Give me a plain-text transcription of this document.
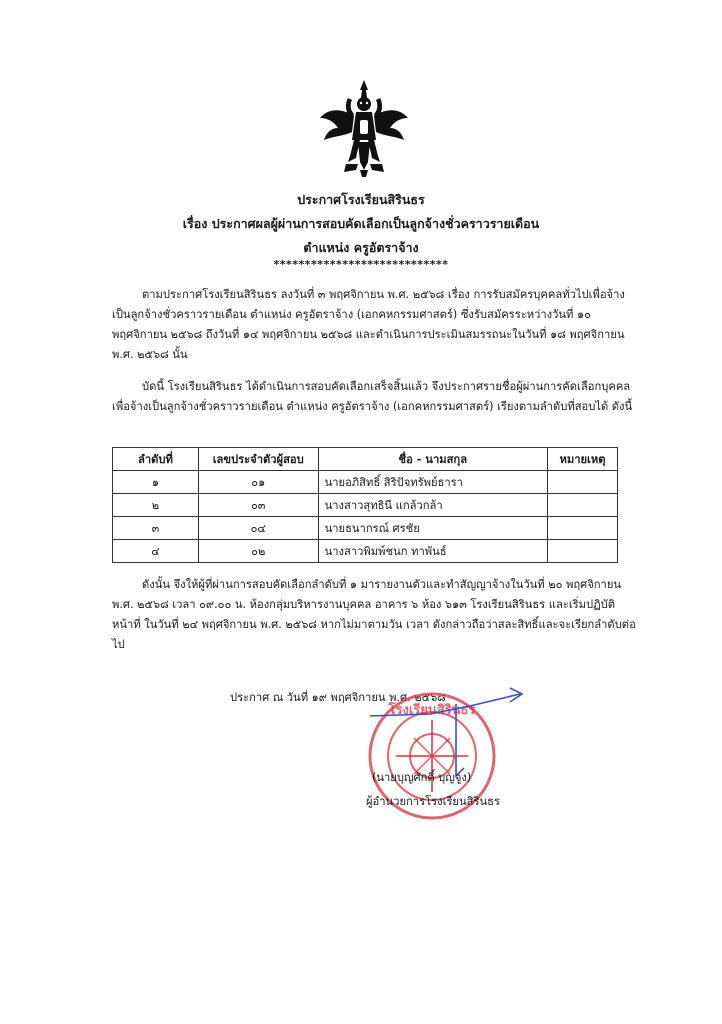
ประกาศโรงเรียนสิรินธร
เรื่อง ประกาศผลผู้ผ่านการสอบคัดเลือกเป็นลูกจ้างชั่วคราวรายเดือน
ตำแหน่ง ครูอัตราจ้าง
****************************

ตามประกาศโรงเรียนสิรินธร ลงวันที่ ๓ พฤศจิกายน พ.ศ. ๒๕๖๘ เรื่อง การรับสมัครบุคคลทั่วไปเพื่อจ้างเป็นลูกจ้างชั่วคราวรายเดือน ตำแหน่ง ครูอัตราจ้าง (เอกคหกรรมศาสตร์) ซึ่งรับสมัครระหว่างวันที่ ๑๐ พฤศจิกายน ๒๕๖๘ ถึงวันที่ ๑๔ พฤศจิกายน ๒๕๖๘ และดำเนินการประเมินสมรรถนะในวันที่ ๑๘ พฤศจิกายน พ.ศ. ๒๕๖๘ นั้น

บัดนี้ โรงเรียนสิรินธร ได้ดำเนินการสอบคัดเลือกเสร็จสิ้นแล้ว จึงประกาศรายชื่อผู้ผ่านการคัดเลือกบุคคลเพื่อจ้างเป็นลูกจ้างชั่วคราวรายเดือน ตำแหน่ง ครูอัตราจ้าง (เอกคหกรรมศาสตร์) เรียงตามลำดับที่สอบได้ ดังนี้

ลำดับที่	เลขประจำตัวผู้สอบ	ชื่อ - นามสกุล	หมายเหตุ
๑	๐๑	นายอภิสิทธิ์ สิริปัจทรัพย์ธารา	
๒	๐๓	นางสาวสุทธินี แกล้วกล้า	
๓	๐๔	นายธนากรณ์ ศรชัย	
๔	๐๒	นางสาวพิมพ์ชนก ทาพันธ์	

ดังนั้น จึงให้ผู้ที่ผ่านการสอบคัดเลือกลำดับที่ ๑ มารายงานตัวและทำสัญญาจ้างในวันที่ ๒๐ พฤศจิกายน พ.ศ. ๒๕๖๘ เวลา ๐๙.๐๐ น. ห้องกลุ่มบริหารงานบุคคล อาคาร ๖ ห้อง ๖๑๓ โรงเรียนสิรินธร และเริ่มปฏิบัติหน้าที่ ในวันที่ ๒๔ พฤศจิกายน พ.ศ. ๒๕๖๘ หากไม่มาตามวัน เวลา ดังกล่าวถือว่าสละสิทธิ์และจะเรียกลำดับต่อไป

ประกาศ ณ วันที่ ๑๙ พฤศจิกายน พ.ศ. ๒๕๖๘
โรงเรียนสิรินธร
(นายบุญศักดิ์ บุญจูง)
ผู้อำนวยการโรงเรียนสิรินธร
